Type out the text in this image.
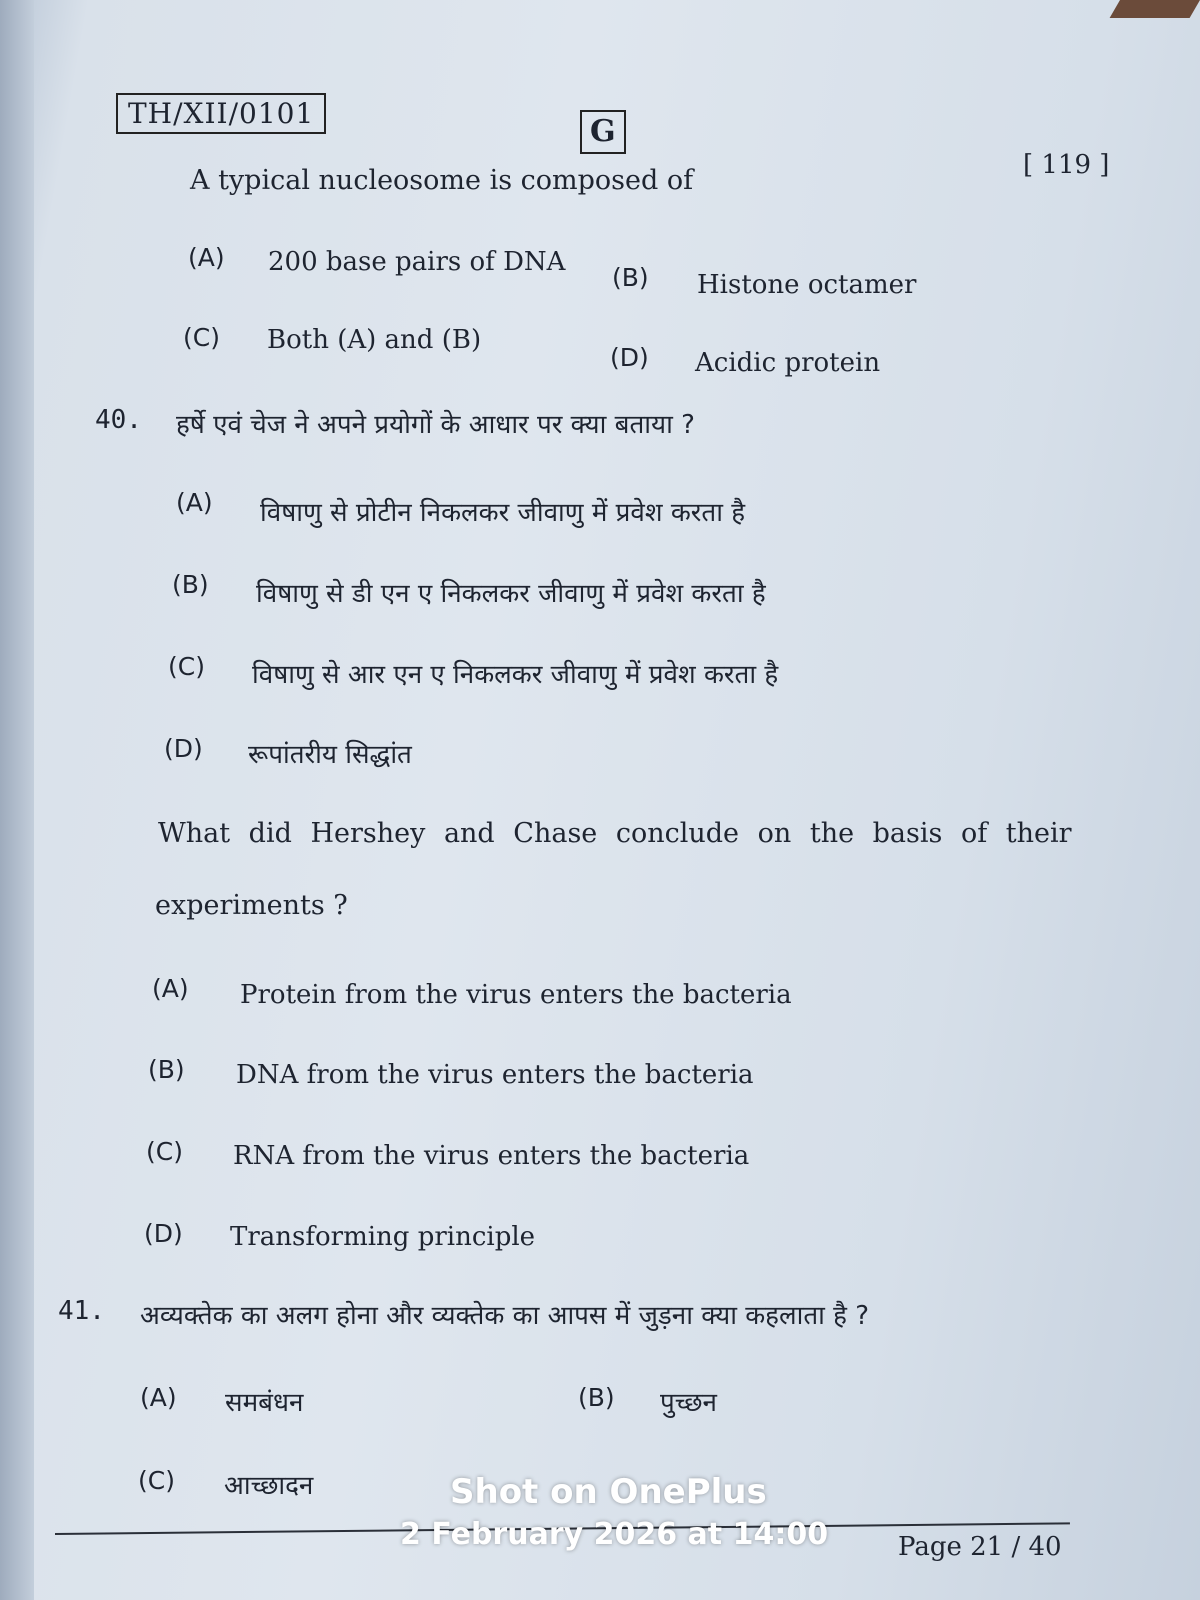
TH/XII/0101
G
[ 119 ]
A typical nucleosome is composed of
(A) 200 base pairs of DNA
(B) Histone octamer
(C) Both (A) and (B)
(D) Acidic protein
40. हर्षे एवं चेज ने अपने प्रयोगों के आधार पर क्या बताया ?
(A) विषाणु से प्रोटीन निकलकर जीवाणु में प्रवेश करता है
(B) विषाणु से डी एन ए निकलकर जीवाणु में प्रवेश करता है
(C) विषाणु से आर एन ए निकलकर जीवाणु में प्रवेश करता है
(D) रूपांतरीय सिद्धांत
What did Hershey and Chase conclude on the basis of their
experiments ?
(A) Protein from the virus enters the bacteria
(B) DNA from the virus enters the bacteria
(C) RNA from the virus enters the bacteria
(D) Transforming principle
41. अव्यक्तेक का अलग होना और व्यक्तेक का आपस में जुड़ना क्या कहलाता है ?
(A) समबंधन	(B) पुच्छन
(C) आच्छादन
Page 21 / 40
Shot on OnePlus
2 February 2026 at 14:00
